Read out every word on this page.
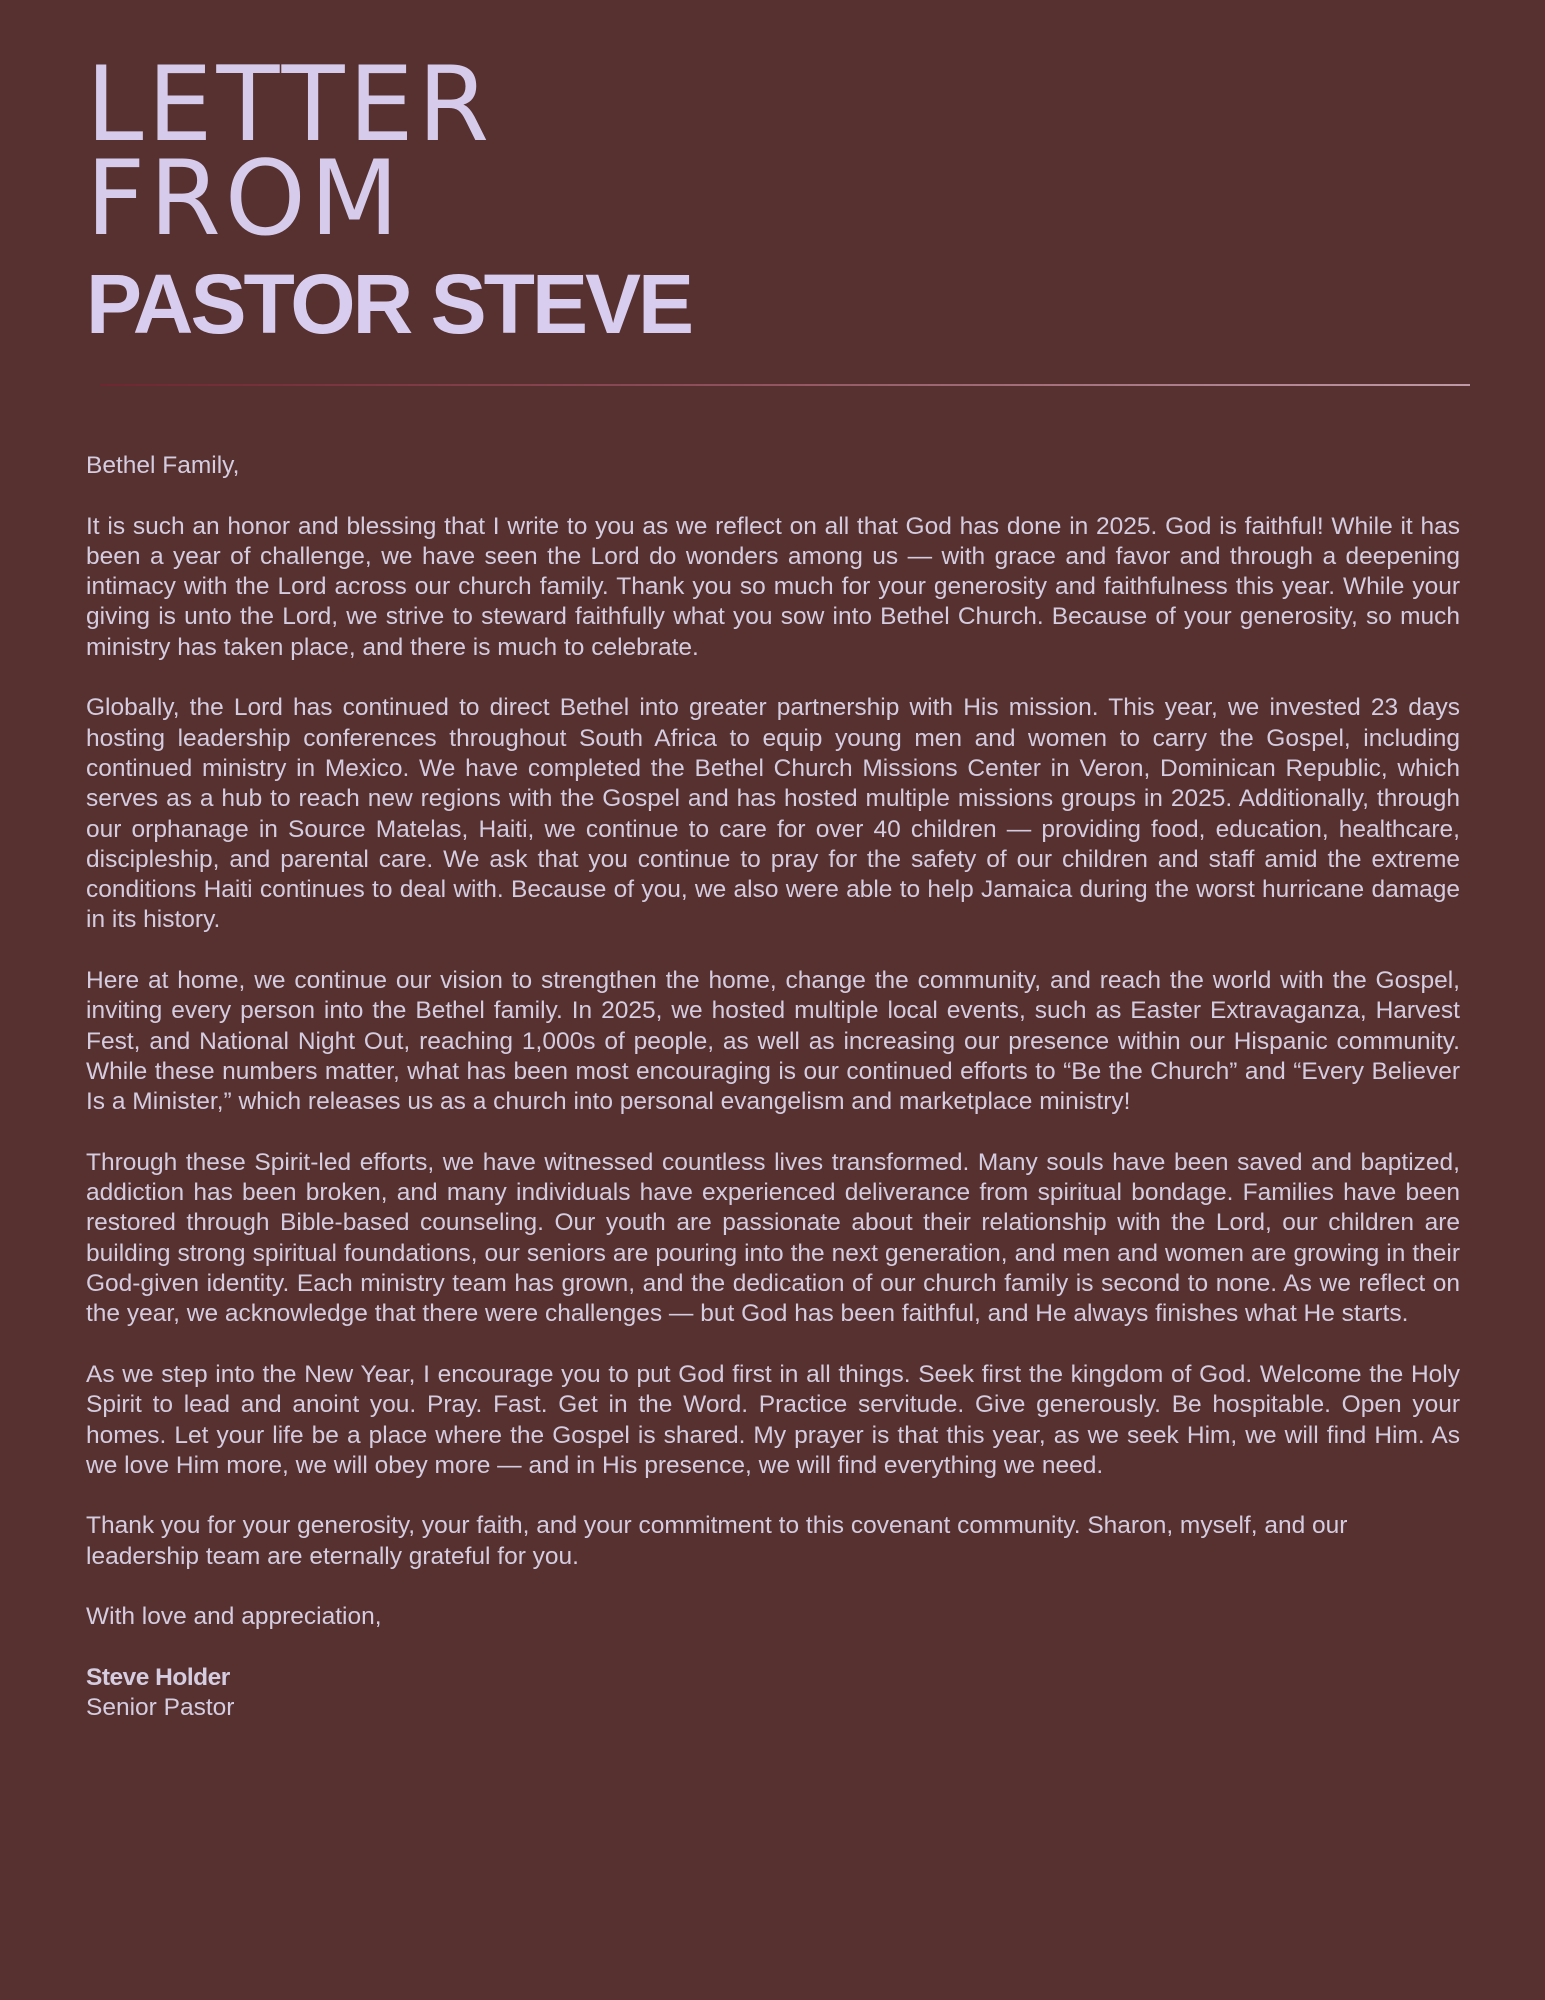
LETTER
FROM
PASTOR STEVE

Bethel Family,

It is such an honor and blessing that I write to you as we reflect on all that God has done in 2025. God is faithful! While it has been a year of challenge, we have seen the Lord do wonders among us — with grace and favor and through a deepening intimacy with the Lord across our church family. Thank you so much for your generosity and faithfulness this year. While your giving is unto the Lord, we strive to steward faithfully what you sow into Bethel Church. Because of your generosity, so much ministry has taken place, and there is much to celebrate.

Globally, the Lord has continued to direct Bethel into greater partnership with His mission. This year, we invested 23 days hosting leadership conferences throughout South Africa to equip young men and women to carry the Gospel, including continued ministry in Mexico. We have completed the Bethel Church Missions Center in Veron, Dominican Republic, which serves as a hub to reach new regions with the Gospel and has hosted multiple missions groups in 2025. Additionally, through our orphanage in Source Matelas, Haiti, we continue to care for over 40 children — providing food, education, healthcare, discipleship, and parental care. We ask that you continue to pray for the safety of our children and staff amid the extreme conditions Haiti continues to deal with. Because of you, we also were able to help Jamaica during the worst hurricane damage in its history.

Here at home, we continue our vision to strengthen the home, change the community, and reach the world with the Gospel, inviting every person into the Bethel family. In 2025, we hosted multiple local events, such as Easter Extravaganza, Harvest Fest, and National Night Out, reaching 1,000s of people, as well as increasing our presence within our Hispanic community. While these numbers matter, what has been most encouraging is our continued efforts to “Be the Church” and “Every Believer Is a Minister,” which releases us as a church into personal evangelism and marketplace ministry!

Through these Spirit-led efforts, we have witnessed countless lives transformed. Many souls have been saved and baptized, addiction has been broken, and many individuals have experienced deliverance from spiritual bondage. Families have been restored through Bible-based counseling. Our youth are passionate about their relationship with the Lord, our children are building strong spiritual foundations, our seniors are pouring into the next generation, and men and women are growing in their God-given identity. Each ministry team has grown, and the dedication of our church family is second to none. As we reflect on the year, we acknowledge that there were challenges — but God has been faithful, and He always finishes what He starts.

As we step into the New Year, I encourage you to put God first in all things. Seek first the kingdom of God. Welcome the Holy Spirit to lead and anoint you. Pray. Fast. Get in the Word. Practice servitude. Give generously. Be hospitable. Open your homes. Let your life be a place where the Gospel is shared. My prayer is that this year, as we seek Him, we will find Him. As we love Him more, we will obey more — and in His presence, we will find everything we need.

Thank you for your generosity, your faith, and your commitment to this covenant community. Sharon, myself, and our leadership team are eternally grateful for you.

With love and appreciation,

Steve Holder
Senior Pastor
